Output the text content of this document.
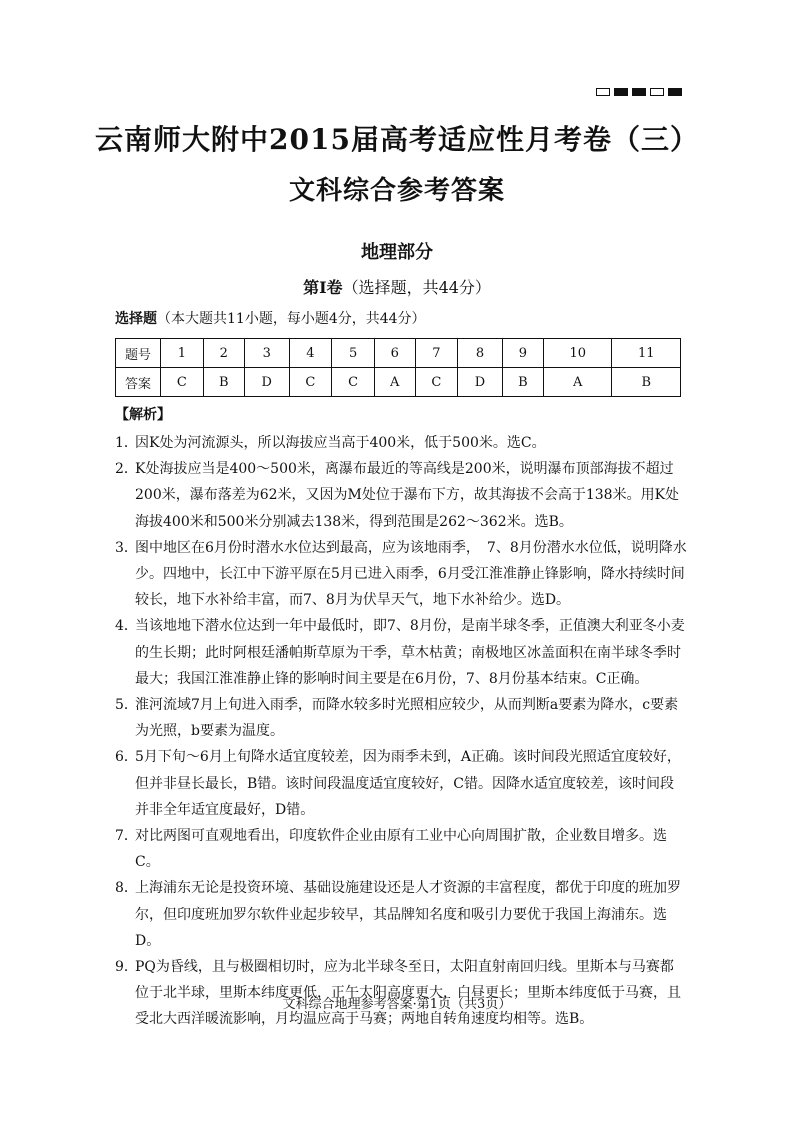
云南师大附中2015届高考适应性月考卷（三）
文科综合参考答案
地理部分
第Ⅰ卷（选择题，共44分）
选择题（本大题共11小题，每小题4分，共44分）
题号	1	2	3	4	5	6	7	8	9	10	11
答案	C	B	D	C	C	A	C	D	B	A	B
【解析】
1．
因K处为河流源头，所以海拔应当高于400米，低于500米。选C。
2．
K处海拔应当是400～500米，离瀑布最近的等高线是200米，说明瀑布顶部海拔不超过200米，瀑布落差为62米，又因为M处位于瀑布下方，故其海拔不会高于138米。用K处海拔400米和500米分别减去138米，得到范围是262～362米。选B。
3．
图中地区在6月份时潜水水位达到最高，应为该地雨季，　7、8月份潜水水位低，说明降水少。四地中，长江中下游平原在5月已进入雨季，6月受江淮准静止锋影响，降水持续时间较长，地下水补给丰富，而7、8月为伏旱天气，地下水补给少。选D。
4．
当该地地下潜水位达到一年中最低时，即7、8月份，是南半球冬季，正值澳大利亚冬小麦的生长期；此时阿根廷潘帕斯草原为干季，草木枯黄；南极地区冰盖面积在南半球冬季时最大；我国江淮准静止锋的影响时间主要是在6月份，7、8月份基本结束。C正确。
5．
淮河流域7月上旬进入雨季，而降水较多时光照相应较少，从而判断a要素为降水，c要素为光照，b要素为温度。
6．
5月下旬～6月上旬降水适宜度较差，因为雨季未到，A正确。该时间段光照适宜度较好，但并非昼长最长，B错。该时间段温度适宜度较好，C错。因降水适宜度较差，该时间段并非全年适宜度最好，D错。
7．
对比两图可直观地看出，印度软件企业由原有工业中心向周围扩散，企业数目增多。选C。
8．
上海浦东无论是投资环境、基础设施建设还是人才资源的丰富程度，都优于印度的班加罗尔，但印度班加罗尔软件业起步较早，其品牌知名度和吸引力要优于我国上海浦东。选D。
9．
PQ为昏线，且与极圈相切时，应为北半球冬至日，太阳直射南回归线。里斯本与马赛都位于北半球，里斯本纬度更低，正午太阳高度更大，白昼更长；里斯本纬度低于马赛，且受北大西洋暖流影响，月均温应高于马赛；两地自转角速度均相等。选B。
文科综合地理参考答案·第1页（共3页）
